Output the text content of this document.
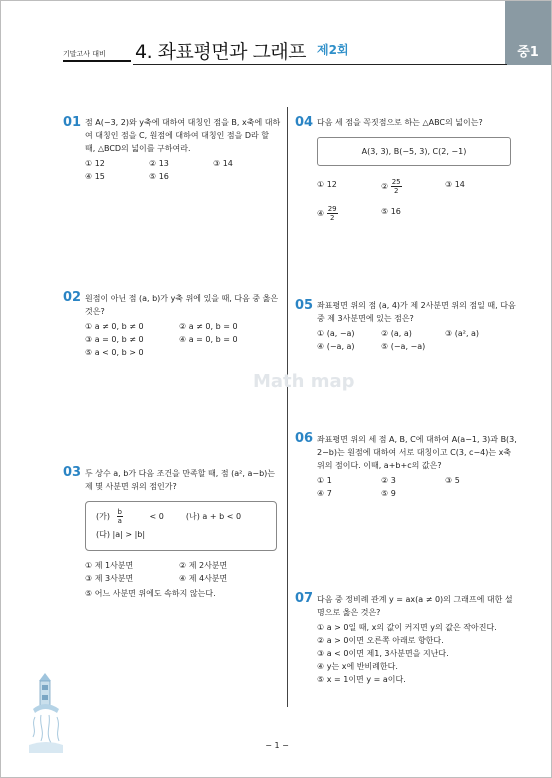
중1
기말고사 대비	4. 좌표평면과 그래프 제2회
Math map
01 점 A(−3, 2)와 y축에 대하여 대칭인 점을 B, x축에 대하여 대칭인 점을 C, 원점에 대하여 대칭인 점을 D라 할 때, △BCD의 넓이를 구하여라.
① 12	② 13	③ 14
④ 15	⑤ 16
02 원점이 아닌 점 (a, b)가 y축 위에 있을 때, 다음 중 옳은 것은?
① a ≠ 0, b ≠ 0	② a ≠ 0, b = 0
③ a = 0, b ≠ 0	④ a = 0, b = 0
⑤ a < 0, b > 0
03 두 상수 a, b가 다음 조건을 만족할 때, 점 (a², a−b)는 제 몇 사분면 위의 점인가?
(가) $\frac{b}{a} < 0$	(나) a + b < 0
(다) |a| > |b|
① 제 1사분면	② 제 2사분면
③ 제 3사분면	④ 제 4사분면
⑤ 어느 사분면 위에도 속하지 않는다.
04 다음 세 점을 꼭짓점으로 하는 △ABC의 넓이는?
A(3, 3), B(−5, 3), C(2, −1)
① 12	② $\frac{25}{2}$	③ 14
④ $\frac{29}{2}$	⑤ 16
05 좌표평면 위의 점 (a, 4)가 제 2사분면 위의 점일 때, 다음 중 제 3사분면에 있는 점은?
① (a, −a)	② (a, a)	③ (a², a)
④ (−a, a)	⑤ (−a, −a)
06 좌표평면 위의 세 점 A, B, C에 대하여 A(a−1, 3)과 B(3, 2−b)는 원점에 대하여 서로 대칭이고 C(3, c−4)는 x축 위의 점이다. 이때, a+b+c의 값은?
① 1	② 3	③ 5
④ 7	⑤ 9
07 다음 중 정비례 관계 y = ax(a ≠ 0)의 그래프에 대한 설명으로 옳은 것은?
① a > 0일 때, x의 값이 커지면 y의 값은 작아진다.
② a > 0이면 오른쪽 아래로 향한다.
③ a < 0이면 제1, 3사분면을 지난다.
④ y는 x에 반비례한다.
⑤ x = 1이면 y = a이다.
− 1 −
